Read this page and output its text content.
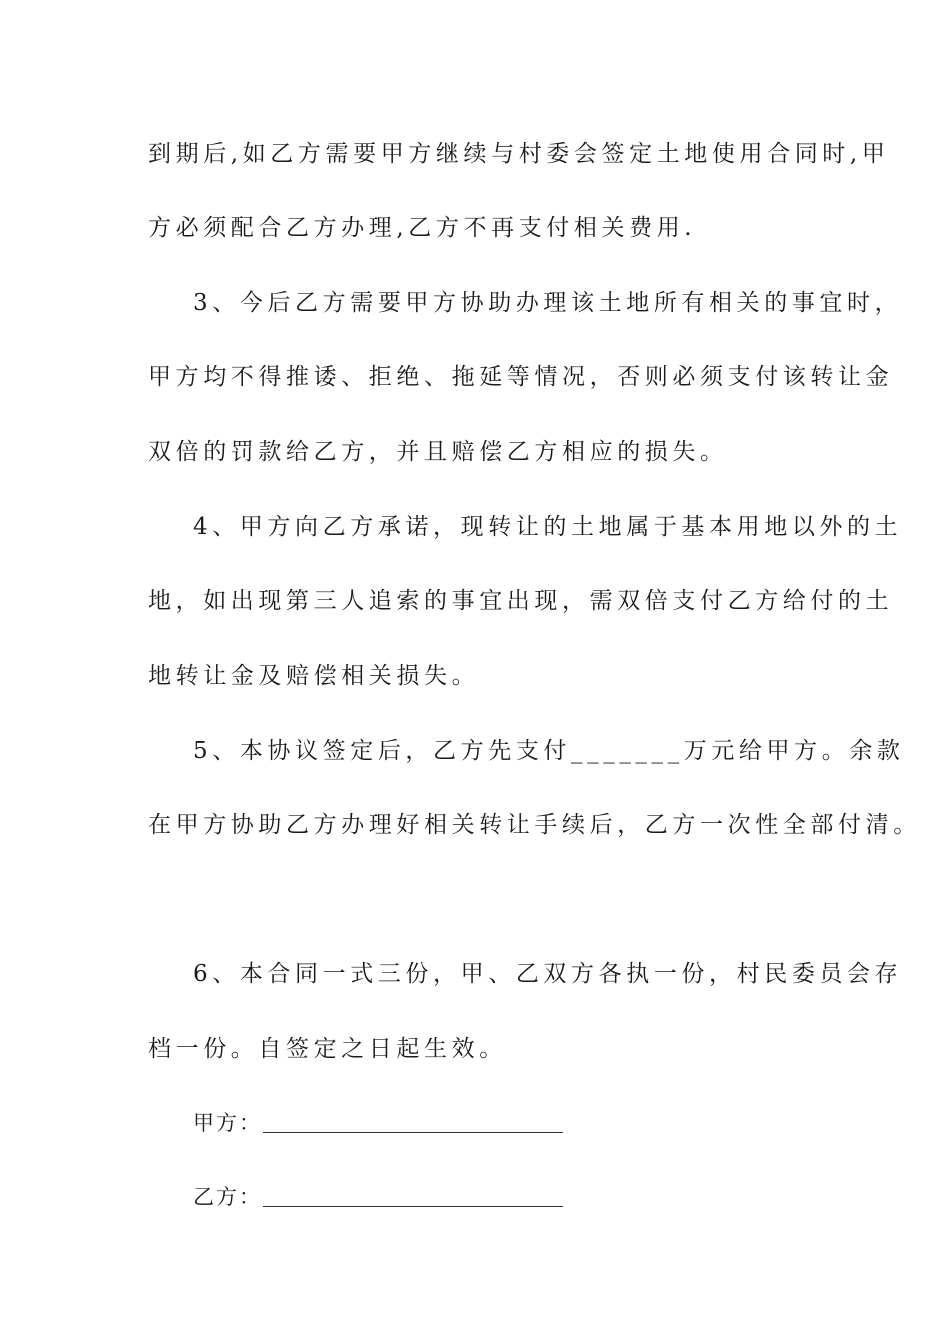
到期后,如乙方需要甲方继续与村委会签定土地使用合同时,甲
方必须配合乙方办理,乙方不再支付相关费用.
3、今后乙方需要甲方协助办理该土地所有相关的事宜时，
甲方均不得推诿、拒绝、拖延等情况，否则必须支付该转让金
双倍的罚款给乙方，并且赔偿乙方相应的损失。
4、甲方向乙方承诺，现转让的土地属于基本用地以外的土
地，如出现第三人追索的事宜出现，需双倍支付乙方给付的土
地转让金及赔偿相关损失。
5、本协议签定后，乙方先支付_______万元给甲方。余款
在甲方协助乙方办理好相关转让手续后，乙方一次性全部付清。
6、本合同一式三份，甲、乙双方各执一份，村民委员会存
档一份。自签定之日起生效。
甲方：
乙方：
